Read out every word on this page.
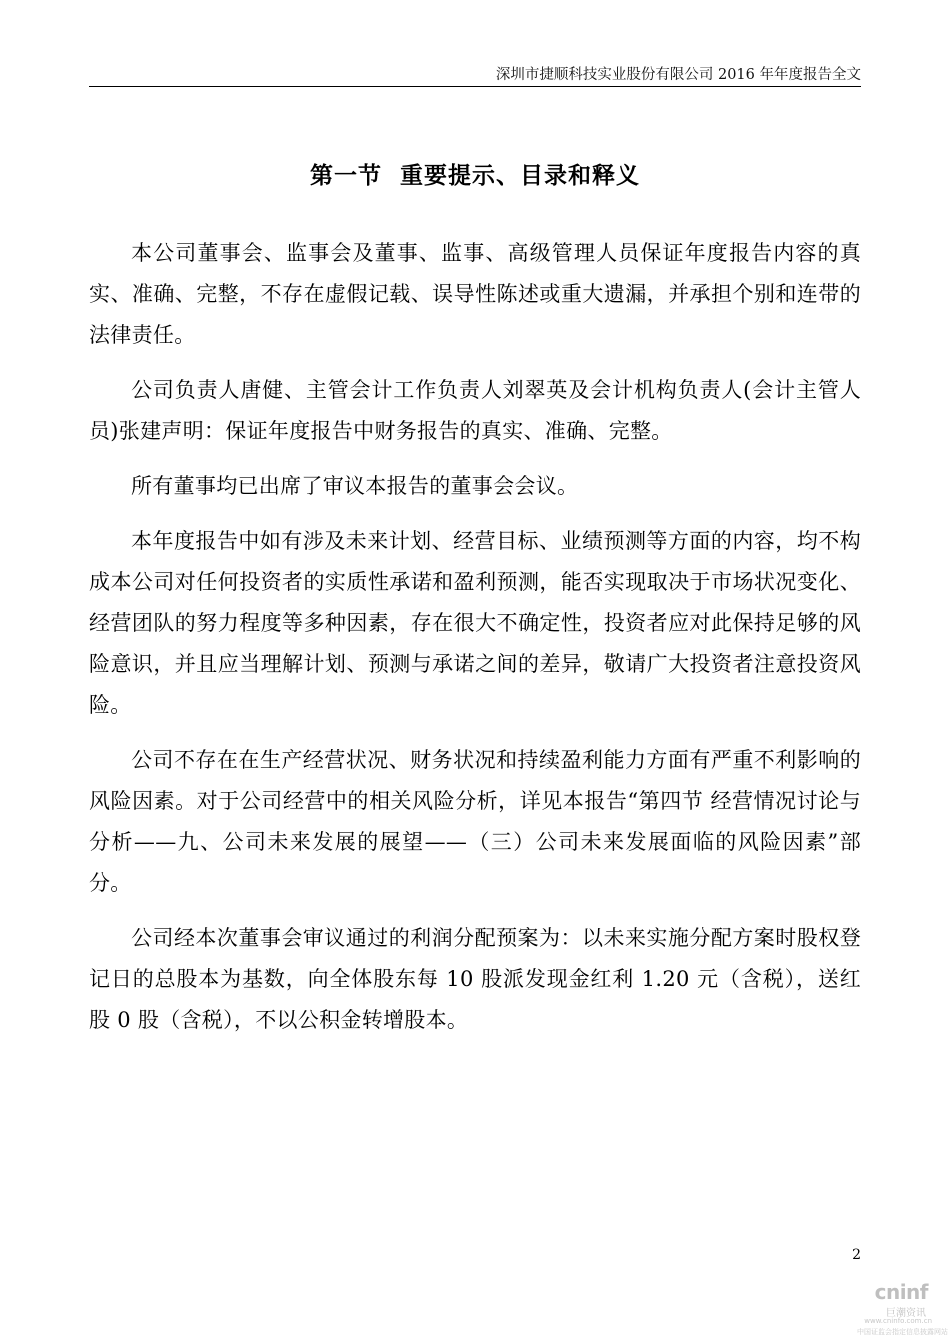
深圳市捷顺科技实业股份有限公司 2016 年年度报告全文
第一节  重要提示、目录和释义

本公司董事会、监事会及董事、监事、高级管理人员保证年度报告内容的真实、准确、完整，不存在虚假记载、误导性陈述或重大遗漏，并承担个别和连带的法律责任。

公司负责人唐健、主管会计工作负责人刘翠英及会计机构负责人(会计主管人员)张建声明：保证年度报告中财务报告的真实、准确、完整。

所有董事均已出席了审议本报告的董事会会议。

本年度报告中如有涉及未来计划、经营目标、业绩预测等方面的内容，均不构成本公司对任何投资者的实质性承诺和盈利预测，能否实现取决于市场状况变化、经营团队的努力程度等多种因素，存在很大不确定性，投资者应对此保持足够的风险意识，并且应当理解计划、预测与承诺之间的差异，敬请广大投资者注意投资风险。

公司不存在在生产经营状况、财务状况和持续盈利能力方面有严重不利影响的风险因素。对于公司经营中的相关风险分析，详见本报告“第四节 经营情况讨论与分析——九、公司未来发展的展望——（三）公司未来发展面临的风险因素”部分。

公司经本次董事会审议通过的利润分配预案为：以未来实施分配方案时股权登记日的总股本为基数，向全体股东每 10 股派发现金红利 1.20 元（含税），送红股 0 股（含税），不以公积金转增股本。

2
cninf
巨潮资讯
www.cninfo.com.cn
中国证监会指定信息披露网站
